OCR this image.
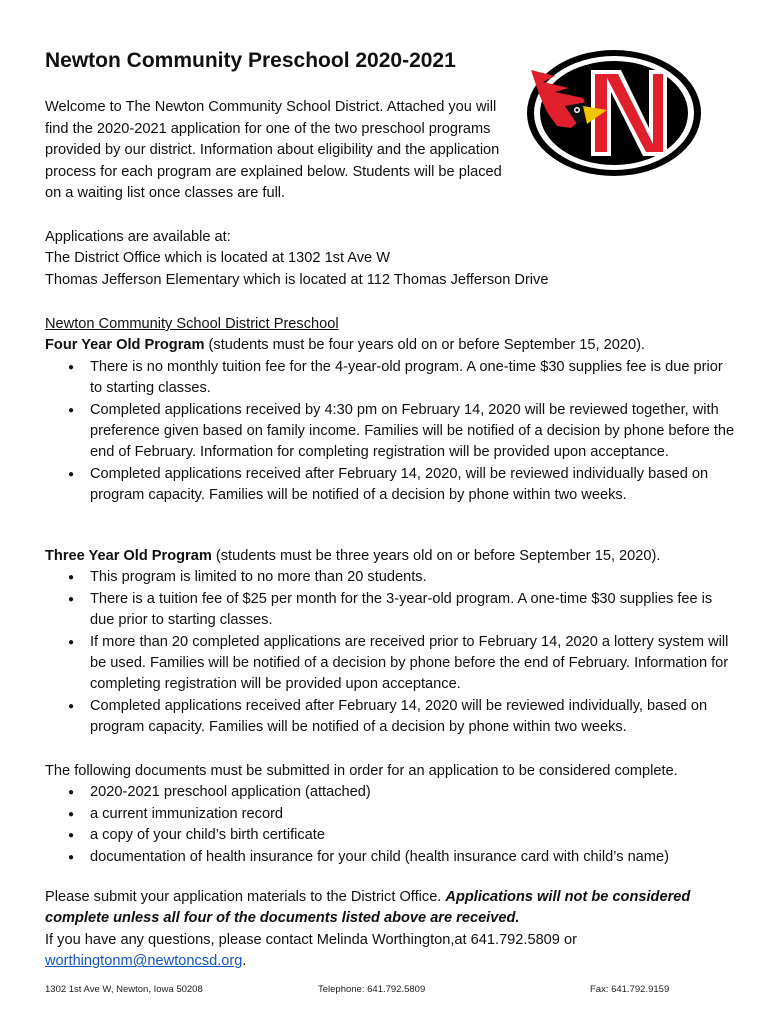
Newton Community Preschool 2020-2021

Welcome to The Newton Community School District. Attached you will find the 2020-2021 application for one of the two preschool programs provided by our district. Information about eligibility and the application process for each program are explained below. Students will be placed on a waiting list once classes are full.

Applications are available at:
The District Office which is located at 1302 1st Ave W
Thomas Jefferson Elementary which is located at 112 Thomas Jefferson Drive
Newton Community School District Preschool
Four Year Old Program (students must be four years old on or before September 15, 2020).
● There is no monthly tuition fee for the 4-year-old program. A one-time $30 supplies fee is due prior to starting classes.
● Completed applications received by 4:30 pm on February 14, 2020 will be reviewed together, with preference given based on family income. Families will be notified of a decision by phone before the end of February. Information for completing registration will be provided upon acceptance.
● Completed applications received after February 14, 2020, will be reviewed individually based on program capacity. Families will be notified of a decision by phone within two weeks.
Three Year Old Program (students must be three years old on or before September 15, 2020).
● This program is limited to no more than 20 students.
● There is a tuition fee of $25 per month for the 3-year-old program. A one-time $30 supplies fee is due prior to starting classes.
● If more than 20 completed applications are received prior to February 14, 2020 a lottery system will be used. Families will be notified of a decision by phone before the end of February. Information for completing registration will be provided upon acceptance.
● Completed applications received after February 14, 2020 will be reviewed individually, based on program capacity. Families will be notified of a decision by phone within two weeks.
The following documents must be submitted in order for an application to be considered complete.
● 2020-2021 preschool application (attached)
● a current immunization record
● a copy of your child’s birth certificate
● documentation of health insurance for your child (health insurance card with child’s name)
Please submit your application materials to the District Office. Applications will not be considered complete unless all four of the documents listed above are received.
If you have any questions, please contact Melinda Worthington,at 641.792.5809 or worthingtonm@newtoncsd.org.
1302 1st Ave W, Newton, Iowa 50208	Telephone: 641.792.5809	Fax: 641.792.9159
